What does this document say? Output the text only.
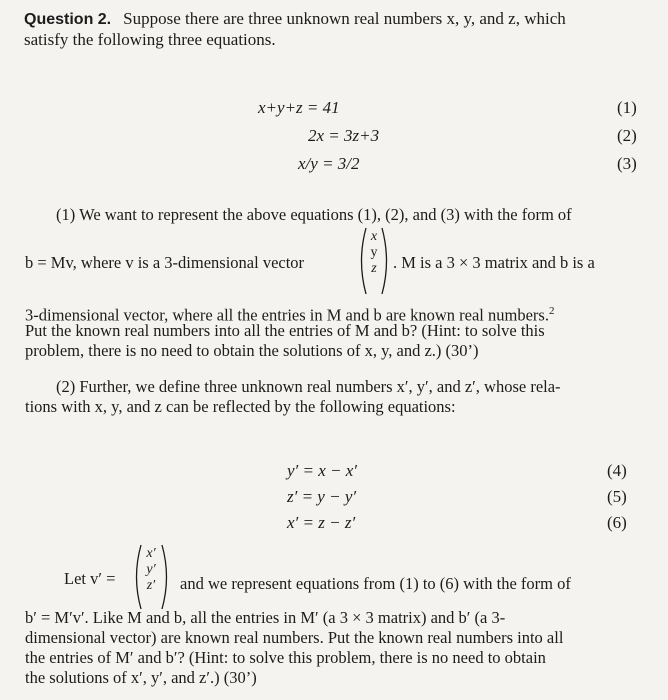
Question 2. Suppose there are three unknown real numbers x, y, and z, which
satisfy the following three equations.
x+y+z = 41	(1)
2x = 3z+3	(2)
x/y = 3/2	(3)
(1) We want to represent the above equations (1), (2), and (3) with the form of
b = Mv, where v is a 3-dimensional vector
x
y
z . M is a 3 × 3 matrix and b is a
3-dimensional vector, where all the entries in M and b are known real numbers.$^2$
Put the known real numbers into all the entries of M and b? (Hint: to solve this
problem, there is no need to obtain the solutions of x, y, and z.) (30’)
(2) Further, we define three unknown real numbers x′, y′, and z′, whose rela-
tions with x, y, and z can be reflected by the following equations:
y′ = x − x′	(4)
z′ = y − y′	(5)
x′ = z − z′	(6)
Let v′ =
x′
y′
z′	and we represent equations from (1) to (6) with the form of
b′ = M′v′. Like M and b, all the entries in M′ (a 3 × 3 matrix) and b′ (a 3-
dimensional vector) are known real numbers. Put the known real numbers into all
the entries of M′ and b′? (Hint: to solve this problem, there is no need to obtain
the solutions of x′, y′, and z′.) (30’)
